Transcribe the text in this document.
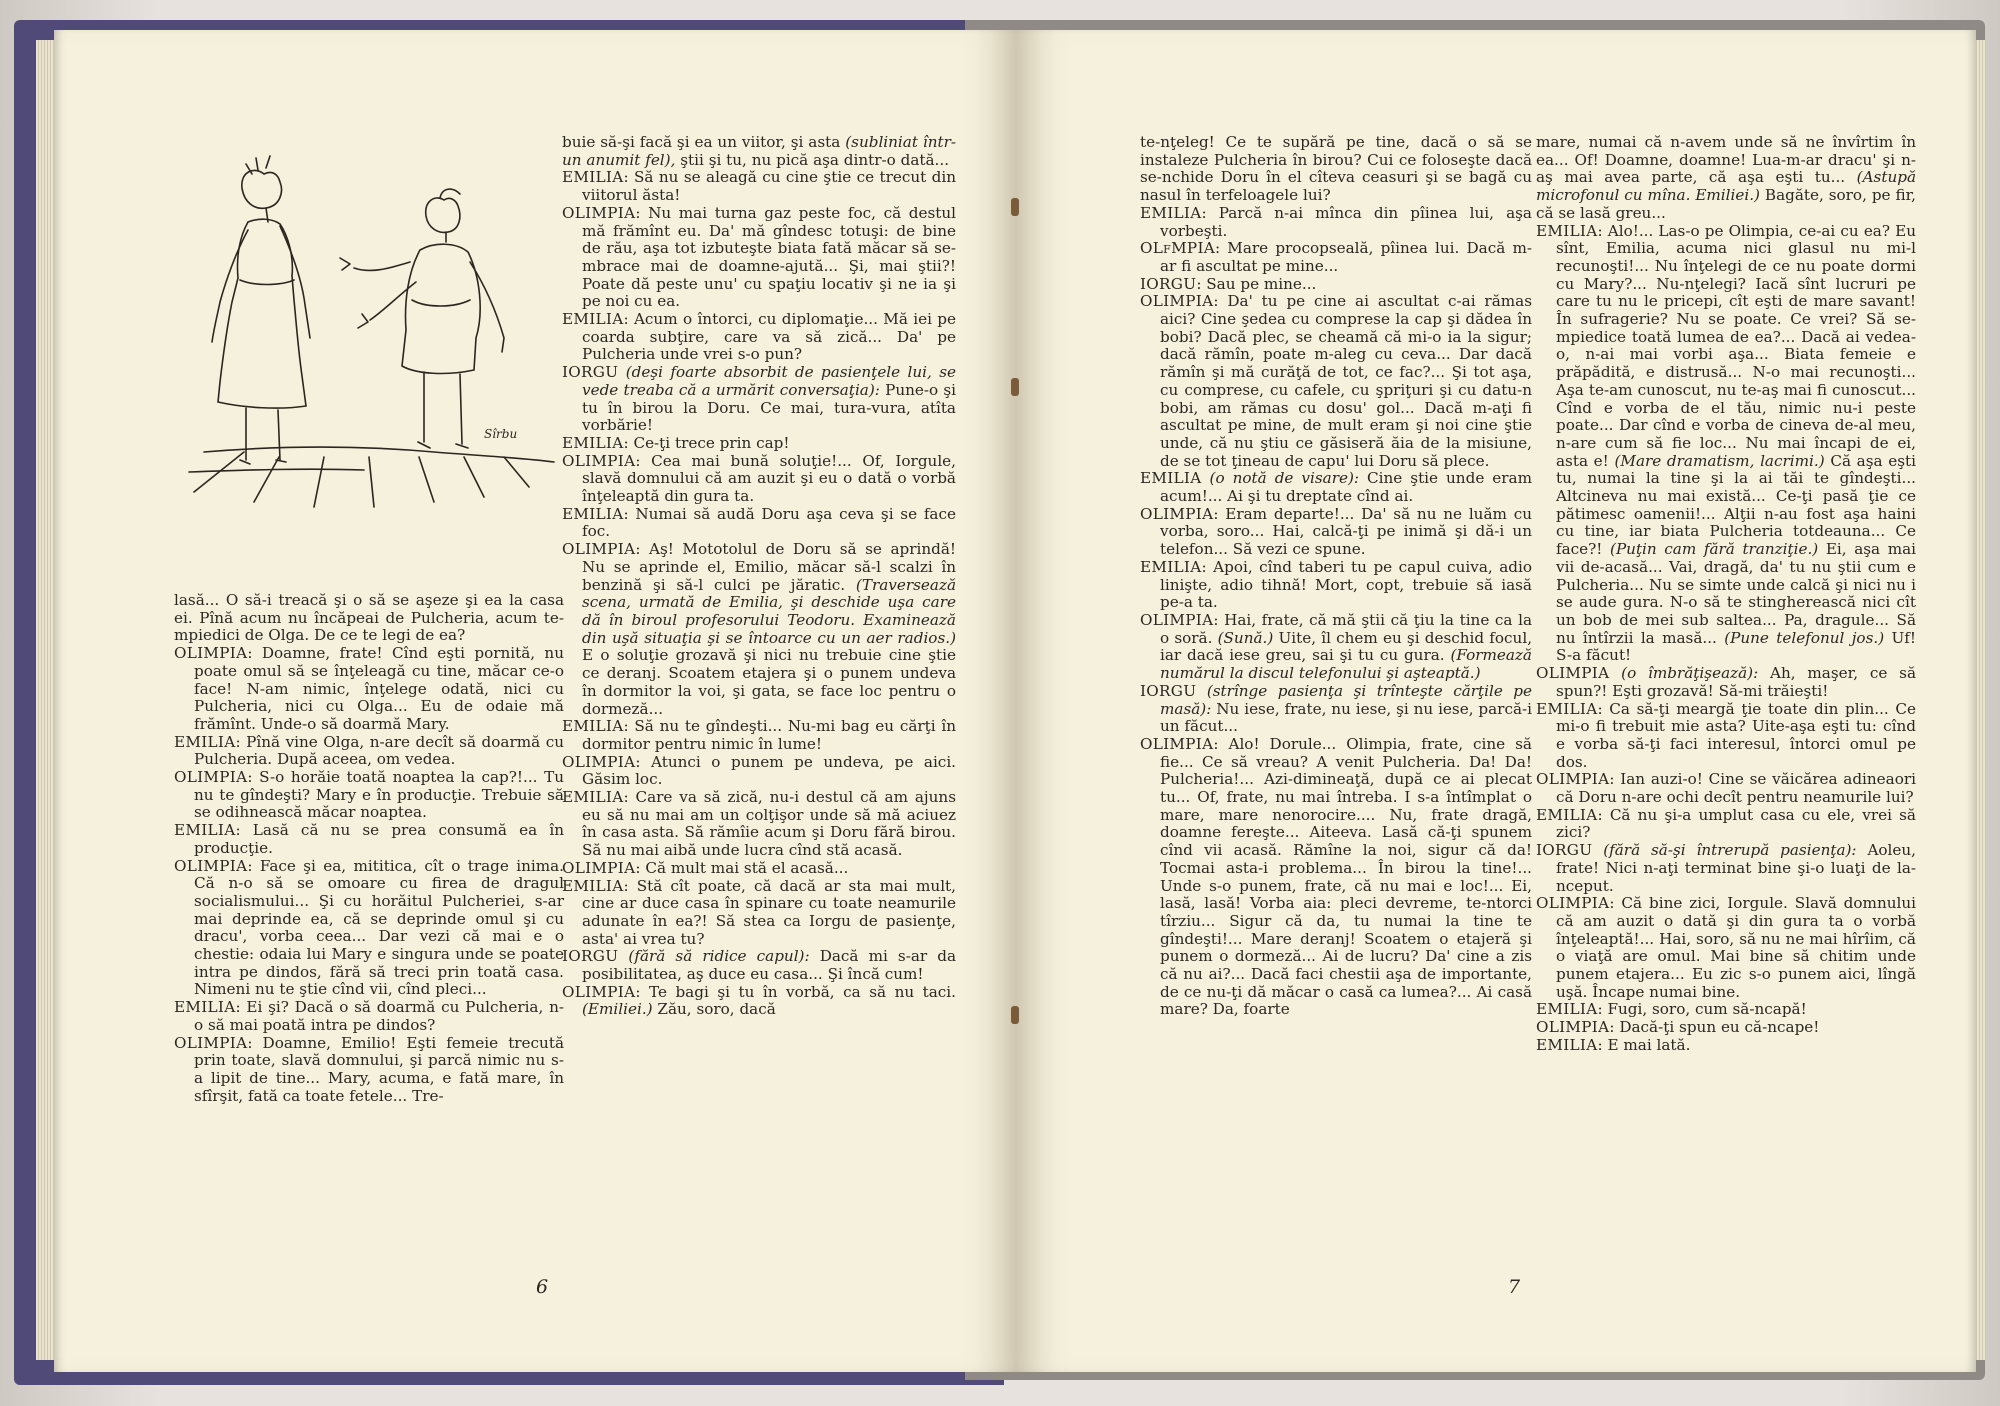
Sîrbu

lasă... O să-i treacă şi o să se aşeze şi ea la casa ei. Pînă acum nu încăpeai de Pulcheria, acum te-mpiedici de Olga. De ce te legi de ea?

OLIMPIA: Doamne, frate! Cînd eşti pornită, nu poate omul să se înţeleagă cu tine, măcar ce-o face! N-am nimic, înţelege odată, nici cu Pulcheria, nici cu Olga... Eu de odaie mă frămînt. Unde-o să doarmă Mary.

EMILIA: Pînă vine Olga, n-are decît să doarmă cu Pulcheria. După aceea, om vedea.

OLIMPIA: S-o horăie toată noaptea la cap?!... Tu nu te gîndeşti? Mary e în producţie. Trebuie să se odihnească măcar noaptea.

EMILIA: Lasă că nu se prea consumă ea în producţie.

OLIMPIA: Face şi ea, mititica, cît o trage inima. Că n-o să se omoare cu firea de dragul socialismului... Şi cu horăitul Pulcheriei, s-ar mai deprinde ea, că se deprinde omul şi cu dracu', vorba ceea... Dar vezi că mai e o chestie: odaia lui Mary e singura unde se poate intra pe dindos, fără să treci prin toată casa. Nimeni nu te ştie cînd vii, cînd pleci...

EMILIA: Ei şi? Dacă o să doarmă cu Pulcheria, n-o să mai poată intra pe dindos?

OLIMPIA: Doamne, Emilio! Eşti femeie trecută prin toate, slavă domnului, şi parcă nimic nu s-a lipit de tine... Mary, acuma, e fată mare, în sfîrşit, fată ca toate fetele... Tre-

buie să-şi facă şi ea un viitor, şi asta (subliniat într-un anumit fel), ştii şi tu, nu pică aşa dintr-o dată...

EMILIA: Să nu se aleagă cu cine ştie ce trecut din viitorul ăsta!

OLIMPIA: Nu mai turna gaz peste foc, că destul mă frămînt eu. Da' mă gîndesc totuşi: de bine de rău, aşa tot izbuteşte biata fată măcar să se-mbrace mai de doamne-ajută... Şi, mai ştii?! Poate dă peste unu' cu spaţiu locativ şi ne ia şi pe noi cu ea.

EMILIA: Acum o întorci, cu diplomaţie... Mă iei pe coarda subţire, care va să zică... Da' pe Pulcheria unde vrei s-o pun?

IORGU (deşi foarte absorbit de pasienţele lui, se vede treaba că a urmărit conversaţia): Pune-o şi tu în birou la Doru. Ce mai, tura-vura, atîta vorbărie!

EMILIA: Ce-ţi trece prin cap!

OLIMPIA: Cea mai bună soluţie!... Of, Iorgule, slavă domnului că am auzit şi eu o dată o vorbă înţeleaptă din gura ta.

EMILIA: Numai să audă Doru aşa ceva şi se face foc.

OLIMPIA: Aş! Mototolul de Doru să se aprindă! Nu se aprinde el, Emilio, măcar să-l scalzi în benzină şi să-l culci pe jăratic. (Traversează scena, urmată de Emilia, şi deschide uşa care dă în biroul profesorului Teodoru. Examinează din uşă situaţia şi se întoarce cu un aer radios.) E o soluţie grozavă şi nici nu trebuie cine ştie ce deranj. Scoatem etajera şi o punem undeva în dormitor la voi, şi gata, se face loc pentru o dormeză...

EMILIA: Să nu te gîndeşti... Nu-mi bag eu cărţi în dormitor pentru nimic în lume!

OLIMPIA: Atunci o punem pe undeva, pe aici. Găsim loc.

EMILIA: Care va să zică, nu-i destul că am ajuns eu să nu mai am un colţişor unde să mă aciuez în casa asta. Să rămîie acum şi Doru fără birou. Să nu mai aibă unde lucra cînd stă acasă.

OLIMPIA: Că mult mai stă el acasă...

EMILIA: Stă cît poate, că dacă ar sta mai mult, cine ar duce casa în spinare cu toate neamurile adunate în ea?! Să stea ca Iorgu de pasienţe, asta' ai vrea tu?

IORGU (fără să ridice capul): Dacă mi s-ar da posibilitatea, aş duce eu casa... Şi încă cum!

OLIMPIA: Te bagi şi tu în vorbă, ca să nu taci. (Emiliei.) Zău, soro, dacă

6

te-nţeleg! Ce te supără pe tine, dacă o să se instaleze Pulcheria în birou? Cui ce foloseşte dacă se-nchide Doru în el cîteva ceasuri şi se bagă cu nasul în terfeloagele lui?

EMILIA: Parcă n-ai mînca din pîinea lui, aşa vorbeşti.

OLfMPIA: Mare procopseală, pîinea lui. Dacă m-ar fi ascultat pe mine...

IORGU: Sau pe mine...

OLIMPIA: Da' tu pe cine ai ascultat c-ai rămas aici? Cine şedea cu comprese la cap şi dădea în bobi? Dacă plec, se cheamă că mi-o ia la sigur; dacă rămîn, poate m-aleg cu ceva... Dar dacă rămîn şi mă curăţă de tot, ce fac?... Şi tot aşa, cu comprese, cu cafele, cu şpriţuri şi cu datu-n bobi, am rămas cu dosu' gol... Dacă m-aţi fi ascultat pe mine, de mult eram şi noi cine ştie unde, că nu ştiu ce găsiseră ăia de la misiune, de se tot ţineau de capu' lui Doru să plece.

EMILIA (o notă de visare): Cine ştie unde eram acum!... Ai şi tu dreptate cînd ai.

OLIMPIA: Eram departe!... Da' să nu ne luăm cu vorba, soro... Hai, calcă-ţi pe inimă şi dă-i un telefon... Să vezi ce spune.

EMILIA: Apoi, cînd taberi tu pe capul cuiva, adio linişte, adio tihnă! Mort, copt, trebuie să iasă pe-a ta.

OLIMPIA: Hai, frate, că mă ştii că ţiu la tine ca la o soră. (Sună.) Uite, îl chem eu şi deschid focul, iar dacă iese greu, sai şi tu cu gura. (Formează numărul la discul telefonului şi aşteaptă.)

IORGU (strînge pasienţa şi trînteşte cărţile pe masă): Nu iese, frate, nu iese, şi nu iese, parcă-i un făcut...

OLIMPIA: Alo! Dorule... Olimpia, frate, cine să fie... Ce să vreau? A venit Pulcheria. Da! Da! Pulcheria!... Azi-dimineaţă, după ce ai plecat tu... Of, frate, nu mai întreba. I s-a întîmplat o mare, mare nenorocire.... Nu, frate dragă, doamne fereşte... Aiteeva. Lasă că-ţi spunem cînd vii acasă. Rămîne la noi, sigur că da! Tocmai asta-i problema... În birou la tine!... Unde s-o punem, frate, că nu mai e loc!... Ei, lasă, lasă! Vorba aia: pleci devreme, te-ntorci tîrziu... Sigur că da, tu numai la tine te gîndeşti!... Mare deranj! Scoatem o etajeră şi punem o dormeză... Ai de lucru? Da' cine a zis că nu ai?... Dacă faci chestii aşa de importante, de ce nu-ţi dă măcar o casă ca lumea?... Ai casă mare? Da, foarte

mare, numai că n-avem unde să ne învîrtim în ea... Of! Doamne, doamne! Lua-m-ar dracu' şi n-aş mai avea parte, că aşa eşti tu... (Astupă microfonul cu mîna. Emiliei.) Bagăte, soro, pe fir, că se lasă greu...

EMILIA: Alo!... Las-o pe Olimpia, ce-ai cu ea? Eu sînt, Emilia, acuma nici glasul nu mi-l recunoşti!... Nu înţelegi de ce nu poate dormi cu Mary?... Nu-nţelegi? Iacă sînt lucruri pe care tu nu le pricepi, cît eşti de mare savant! În sufragerie? Nu se poate. Ce vrei? Să se-mpiedice toată lumea de ea?... Dacă ai vedea-o, n-ai mai vorbi aşa... Biata femeie e prăpădită, e distrusă... N-o mai recunoşti... Aşa te-am cunoscut, nu te-aş mai fi cunoscut... Cînd e vorba de el tău, nimic nu-i peste poate... Dar cînd e vorba de cineva de-al meu, n-are cum să fie loc... Nu mai încapi de ei, asta e! (Mare dramatism, lacrimi.) Că aşa eşti tu, numai la tine şi la ai tăi te gîndeşti... Altcineva nu mai există... Ce-ţi pasă ţie ce pătimesc oamenii!... Alţii n-au fost aşa haini cu tine, iar biata Pulcheria totdeauna... Ce face?! (Puţin cam fără tranziţie.) Ei, aşa mai vii de-acasă... Vai, dragă, da' tu nu ştii cum e Pulcheria... Nu se simte unde calcă şi nici nu i se aude gura. N-o să te stingherească nici cît un bob de mei sub saltea... Pa, dragule... Să nu întîrzii la masă... (Pune telefonul jos.) Uf! S-a făcut!

OLIMPIA (o îmbrăţişează): Ah, maşer, ce să spun?! Eşti grozavă! Să-mi trăieşti!

EMILIA: Ca să-ţi meargă ţie toate din plin... Ce mi-o fi trebuit mie asta? Uite-aşa eşti tu: cînd e vorba să-ţi faci interesul, întorci omul pe dos.

OLIMPIA: Ian auzi-o! Cine se văicărea adineaori că Doru n-are ochi decît pentru neamurile lui?

EMILIA: Că nu şi-a umplut casa cu ele, vrei să zici?

IORGU (fără să-şi întrerupă pasienţa): Aoleu, frate! Nici n-aţi terminat bine şi-o luaţi de la-nceput.

OLIMPIA: Că bine zici, Iorgule. Slavă domnului că am auzit o dată şi din gura ta o vorbă înţeleaptă!... Hai, soro, să nu ne mai hîrîim, că o viaţă are omul. Mai bine să chitim unde punem etajera... Eu zic s-o punem aici, lîngă uşă. Încape numai bine.

EMILIA: Fugi, soro, cum să-ncapă!

OLIMPIA: Dacă-ţi spun eu că-ncape!

EMILIA: E mai lată.

7
